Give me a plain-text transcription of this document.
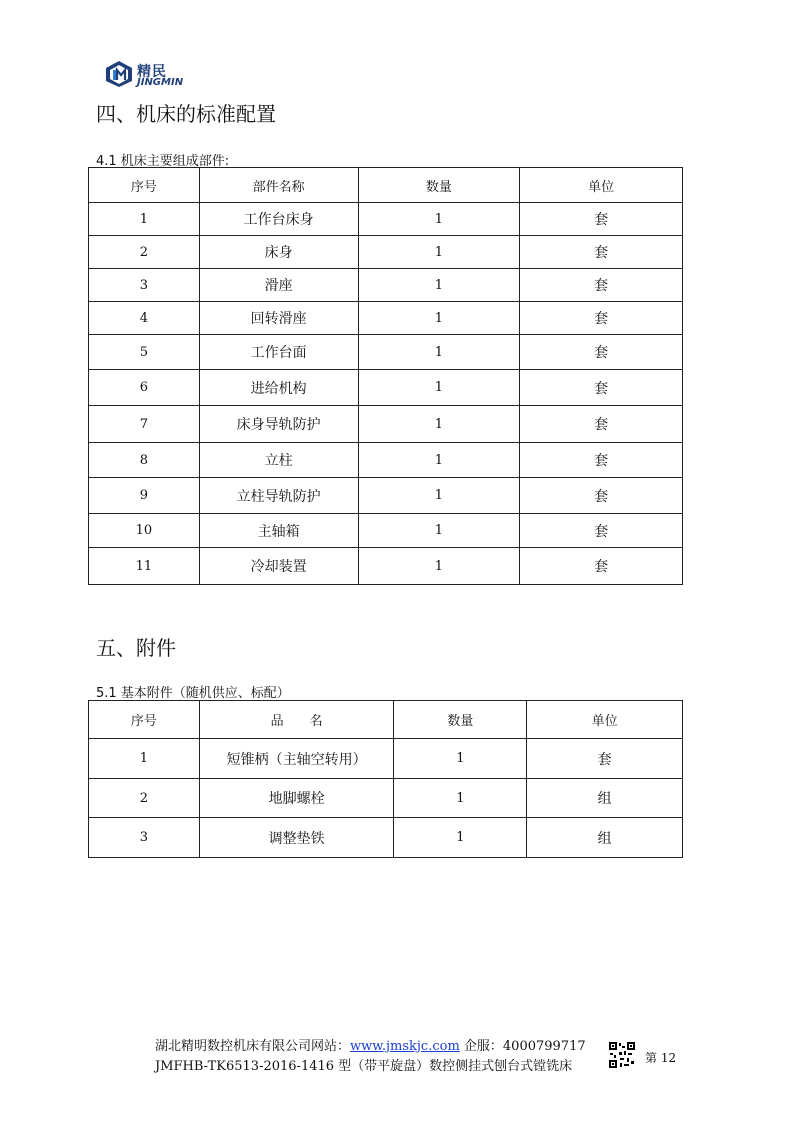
精民
JINGMIN
四、机床的标准配置
4.1 机床主要组成部件:
序号	部件名称	数量	单位
1	工作台床身	1	套
2	床身	1	套
3	滑座	1	套
4	回转滑座	1	套
5	工作台面	1	套
6	进给机构	1	套
7	床身导轨防护	1	套
8	立柱	1	套
9	立柱导轨防护	1	套
10	主轴箱	1	套
11	冷却装置	1	套
五、附件
5.1 基本附件（随机供应、标配）
序号	品　　名	数量	单位
1	短锥柄（主轴空转用）	1	套
2	地脚螺栓	1	组
3	调整垫铁	1	组
湖北精明数控机床有限公司网站：www.jmskjc.com 企服：4000799717
JMFHB-TK6513-2016-1416 型（带平旋盘）数控侧挂式刨台式镗铣床
第 12
